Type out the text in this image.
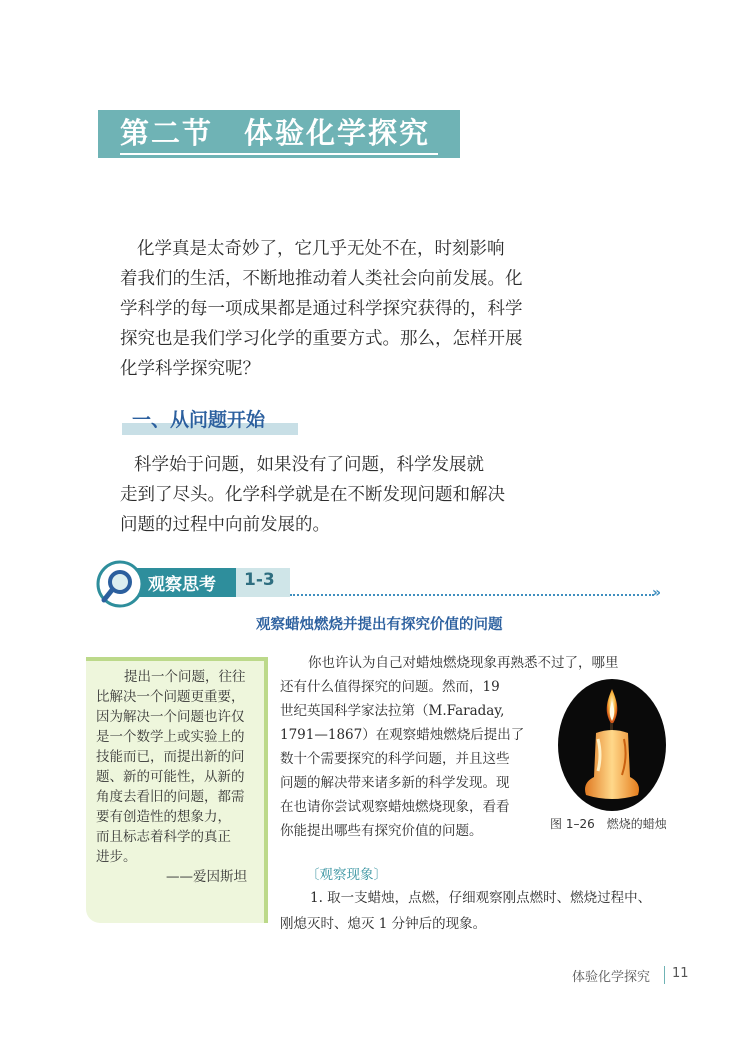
第二节　体验化学探究
化学真是太奇妙了，它几乎无处不在，时刻影响
着我们的生活，不断地推动着人类社会向前发展。化
学科学的每一项成果都是通过科学探究获得的，科学
探究也是我们学习化学的重要方式。那么，怎样开展
化学科学探究呢？
一、从问题开始
科学始于问题，如果没有了问题，科学发展就
走到了尽头。化学科学就是在不断发现问题和解决
问题的过程中向前发展的。
观察思考 1-3
»
观察蜡烛燃烧并提出有探究价值的问题
提出一个问题，往往
比解决一个问题更重要，
因为解决一个问题也许仅
是一个数学上或实验上的
技能而已，而提出新的问
题、新的可能性，从新的
角度去看旧的问题，都需
要有创造性的想象力，
而且标志着科学的真正
进步。
——爱因斯坦
你也许认为自己对蜡烛燃烧现象再熟悉不过了，哪里
还有什么值得探究的问题。然而，19
世纪英国科学家法拉第（M.Faraday,
1791—1867）在观察蜡烛燃烧后提出了
数十个需要探究的科学问题，并且这些
问题的解决带来诸多新的科学发现。现
在也请你尝试观察蜡烛燃烧现象，看看
你能提出哪些有探究价值的问题。	图 1–26　燃烧的蜡烛
〔观察现象〕
1. 取一支蜡烛，点燃，仔细观察刚点燃时、燃烧过程中、
刚熄灭时、熄灭 1 分钟后的现象。
体验化学探究 11
